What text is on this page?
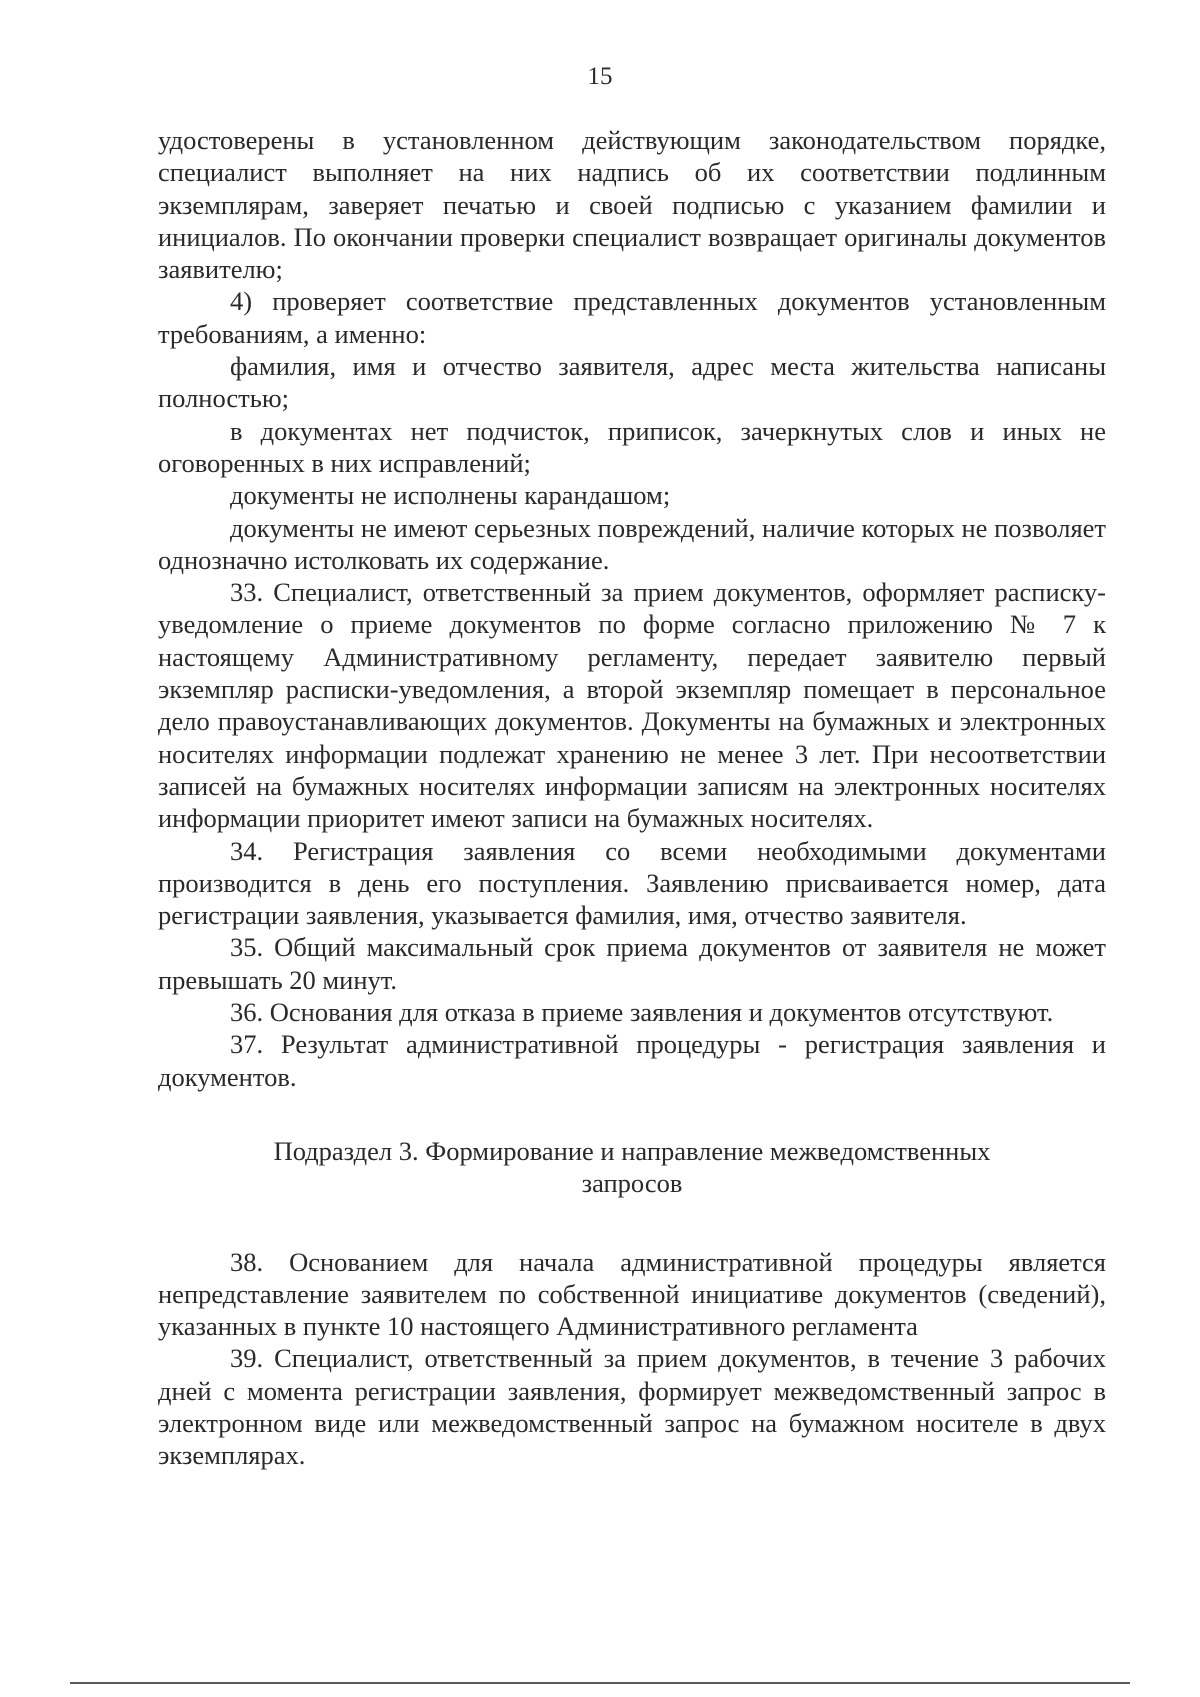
15

удостоверены в установленном действующим законодательством порядке, специалист выполняет на них надпись об их соответствии подлинным экземплярам, заверяет печатью и своей подписью с указанием фамилии и инициалов. По окончании проверки специалист возвращает оригиналы документов заявителю;

4) проверяет соответствие представленных документов установленным требованиям, а именно:

фамилия, имя и отчество заявителя, адрес места жительства написаны полностью;

в документах нет подчисток, приписок, зачеркнутых слов и иных не оговоренных в них исправлений;

документы не исполнены карандашом;

документы не имеют серьезных повреждений, наличие которых не позволяет однозначно истолковать их содержание.

33. Специалист, ответственный за прием документов, оформляет расписку-уведомление о приеме документов по форме согласно приложению № 7 к настоящему Административному регламенту, передает заявителю первый экземпляр расписки-уведомления, а второй экземпляр помещает в персональное дело правоустанавливающих документов. Документы на бумажных и электронных носителях информации подлежат хранению не менее 3 лет. При несоответствии записей на бумажных носителях информации записям на электронных носителях информации приоритет имеют записи на бумажных носителях.

34. Регистрация заявления со всеми необходимыми документами производится в день его поступления. Заявлению присваивается номер, дата регистрации заявления, указывается фамилия, имя, отчество заявителя.

35. Общий максимальный срок приема документов от заявителя не может превышать 20 минут.

36. Основания для отказа в приеме заявления и документов отсутствуют.

37. Результат административной процедуры - регистрация заявления и документов.

Подраздел 3. Формирование и направление межведомственных запросов

38. Основанием для начала административной процедуры является непредставление заявителем по собственной инициативе документов (сведений), указанных в пункте 10 настоящего Административного регламента

39. Специалист, ответственный за прием документов, в течение 3 рабочих дней с момента регистрации заявления, формирует межведомственный запрос в электронном виде или межведомственный запрос на бумажном носителе в двух экземплярах.
